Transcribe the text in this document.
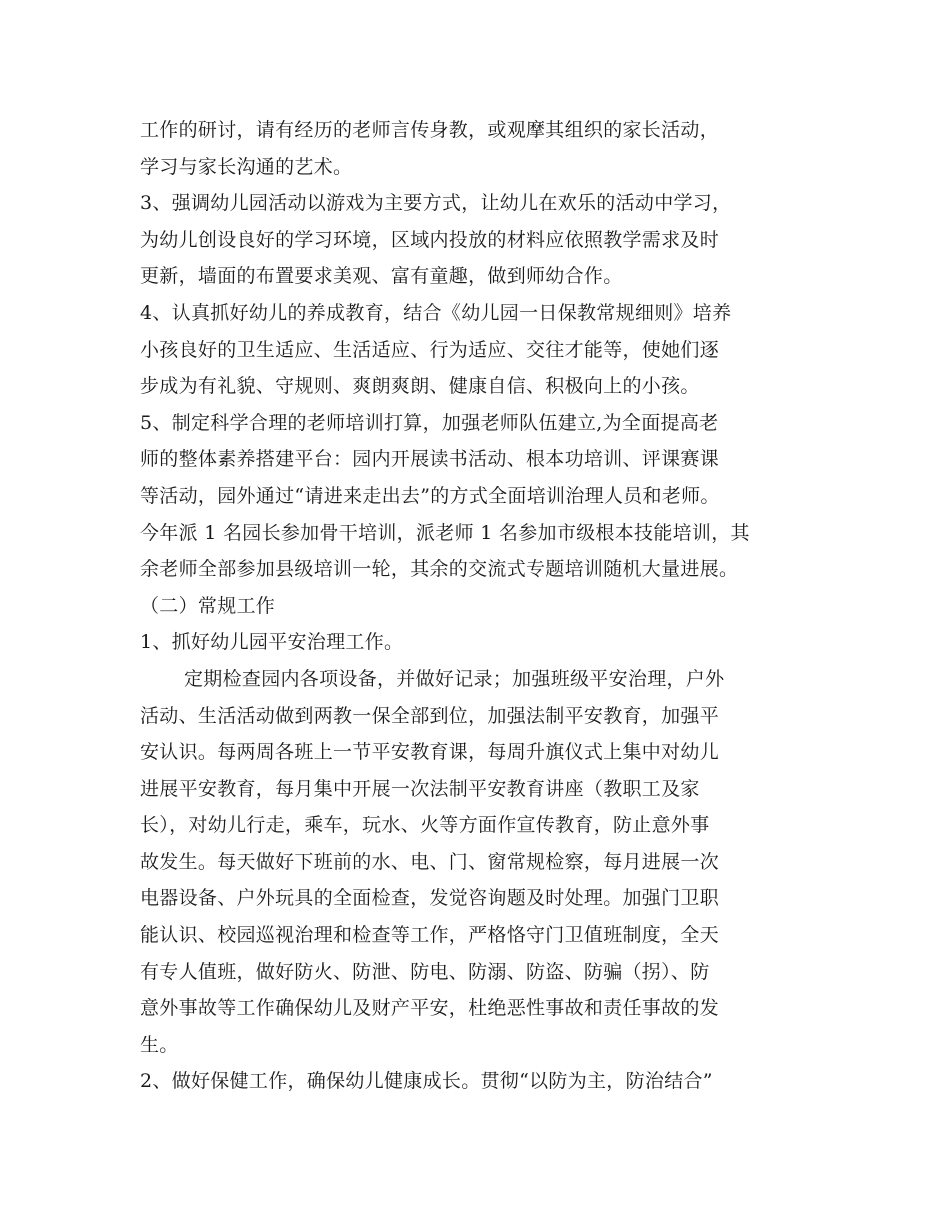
工作的研讨，请有经历的老师言传身教，或观摩其组织的家长活动，
学习与家长沟通的艺术。
3、强调幼儿园活动以游戏为主要方式，让幼儿在欢乐的活动中学习，
为幼儿创设良好的学习环境，区域内投放的材料应依照教学需求及时
更新，墙面的布置要求美观、富有童趣，做到师幼合作。
4、认真抓好幼儿的养成教育，结合《幼儿园一日保教常规细则》培养
小孩良好的卫生适应、生活适应、行为适应、交往才能等，使她们逐
步成为有礼貌、守规则、爽朗爽朗、健康自信、积极向上的小孩。
5、制定科学合理的老师培训打算，加强老师队伍建立,为全面提高老
师的整体素养搭建平台：园内开展读书活动、根本功培训、评课赛课
等活动，园外通过“请进来走出去”的方式全面培训治理人员和老师。
今年派 1 名园长参加骨干培训，派老师 1 名参加市级根本技能培训，其
余老师全部参加县级培训一轮，其余的交流式专题培训随机大量进展。
（二）常规工作
1、抓好幼儿园平安治理工作。
定期检查园内各项设备，并做好记录；加强班级平安治理，户外
活动、生活活动做到两教一保全部到位，加强法制平安教育，加强平
安认识。每两周各班上一节平安教育课，每周升旗仪式上集中对幼儿
进展平安教育，每月集中开展一次法制平安教育讲座（教职工及家
长），对幼儿行走，乘车，玩水、火等方面作宣传教育，防止意外事
故发生。每天做好下班前的水、电、门、窗常规检察，每月进展一次
电器设备、户外玩具的全面检查，发觉咨询题及时处理。加强门卫职
能认识、校园巡视治理和检查等工作，严格恪守门卫值班制度，全天
有专人值班，做好防火、防泄、防电、防溺、防盗、防骗（拐）、防
意外事故等工作确保幼儿及财产平安，杜绝恶性事故和责任事故的发
生。
2、做好保健工作，确保幼儿健康成长。贯彻“以防为主，防治结合”
